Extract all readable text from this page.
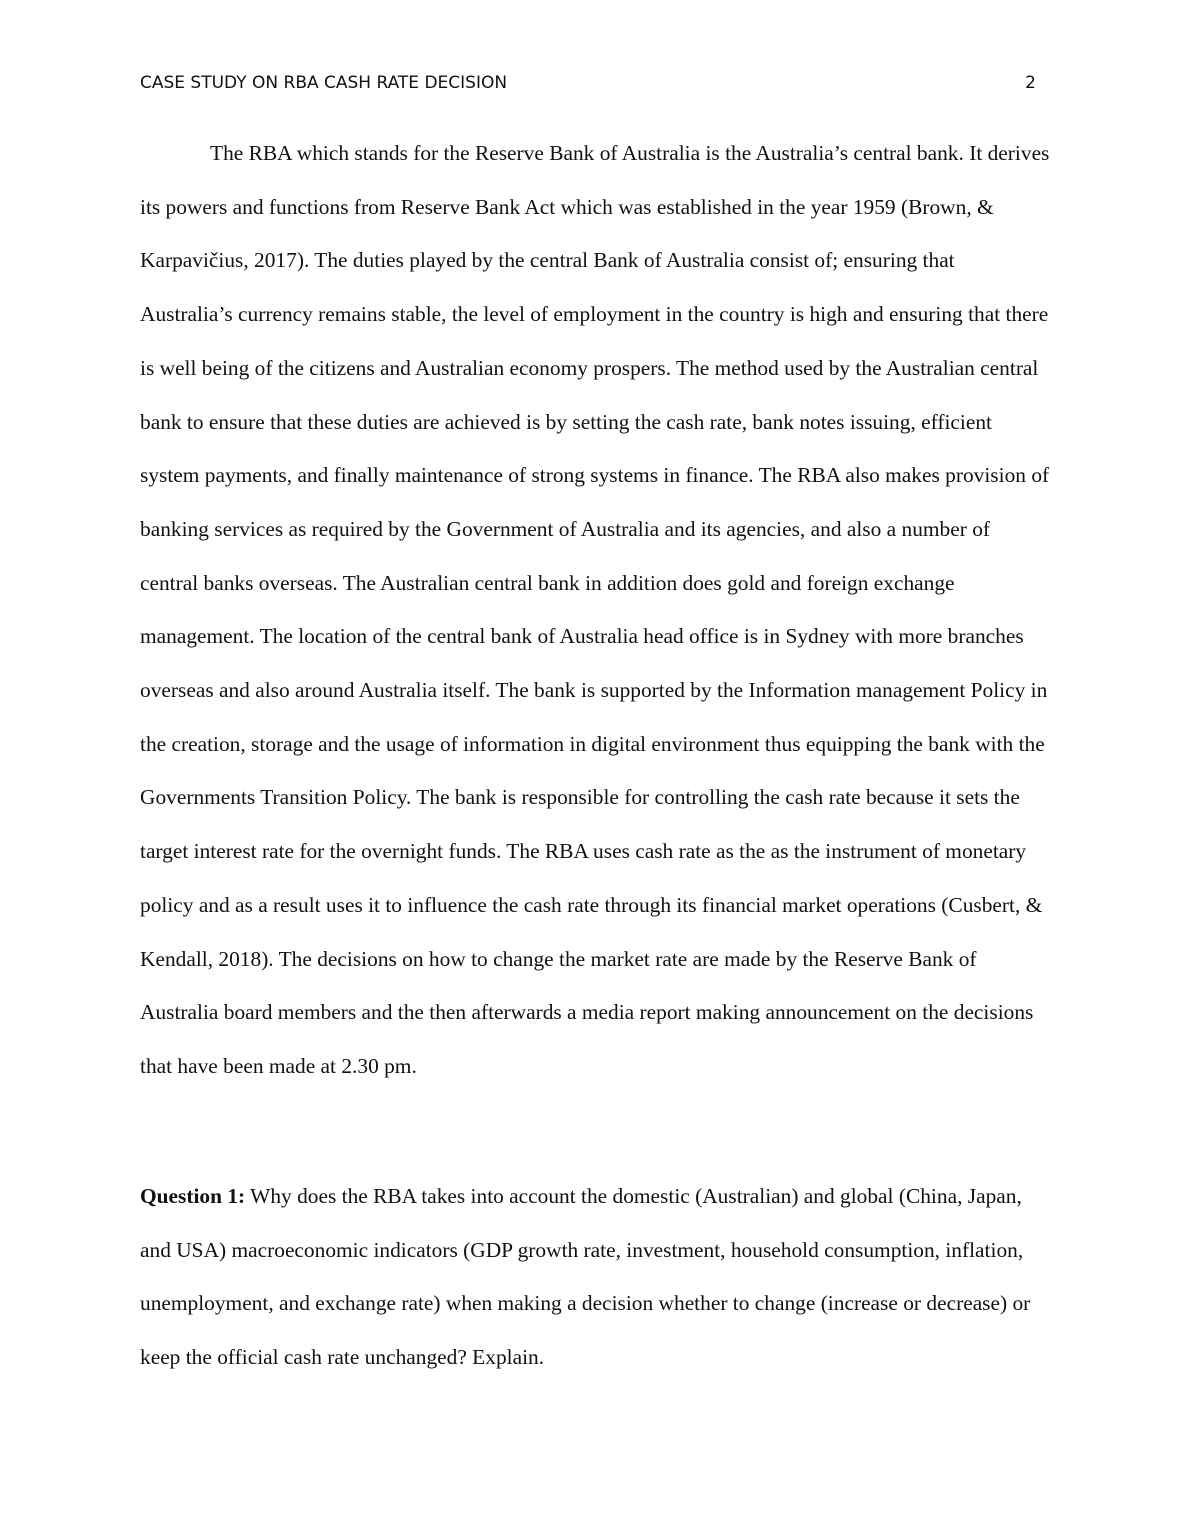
CASE STUDY ON RBA CASH RATE DECISION	2

The RBA which stands for the Reserve Bank of Australia is the Australia’s central bank. It derives its powers and functions from Reserve Bank Act which was established in the year 1959 (Brown, & Karpavičius, 2017). The duties played by the central Bank of Australia consist of; ensuring that Australia’s currency remains stable, the level of employment in the country is high and ensuring that there is well being of the citizens and Australian economy prospers. The method used by the Australian central bank to ensure that these duties are achieved is by setting the cash rate, bank notes issuing, efficient system payments, and finally maintenance of strong systems in finance. The RBA also makes provision of banking services as required by the Government of Australia and its agencies, and also a number of central banks overseas. The Australian central bank in addition does gold and foreign exchange management. The location of the central bank of Australia head office is in Sydney with more branches overseas and also around Australia itself. The bank is supported by the Information management Policy in the creation, storage and the usage of information in digital environment thus equipping the bank with the Governments Transition Policy. The bank is responsible for controlling the cash rate because it sets the target interest rate for the overnight funds. The RBA uses cash rate as the as the instrument of monetary policy and as a result uses it to influence the cash rate through its financial market operations (Cusbert, & Kendall, 2018). The decisions on how to change the market rate are made by the Reserve Bank of Australia board members and the then afterwards a media report making announcement on the decisions that have been made at 2.30 pm.

Question 1: Why does the RBA takes into account the domestic (Australian) and global (China, Japan, and USA) macroeconomic indicators (GDP growth rate, investment, household consumption, inflation, unemployment, and exchange rate) when making a decision whether to change (increase or decrease) or keep the official cash rate unchanged? Explain.
